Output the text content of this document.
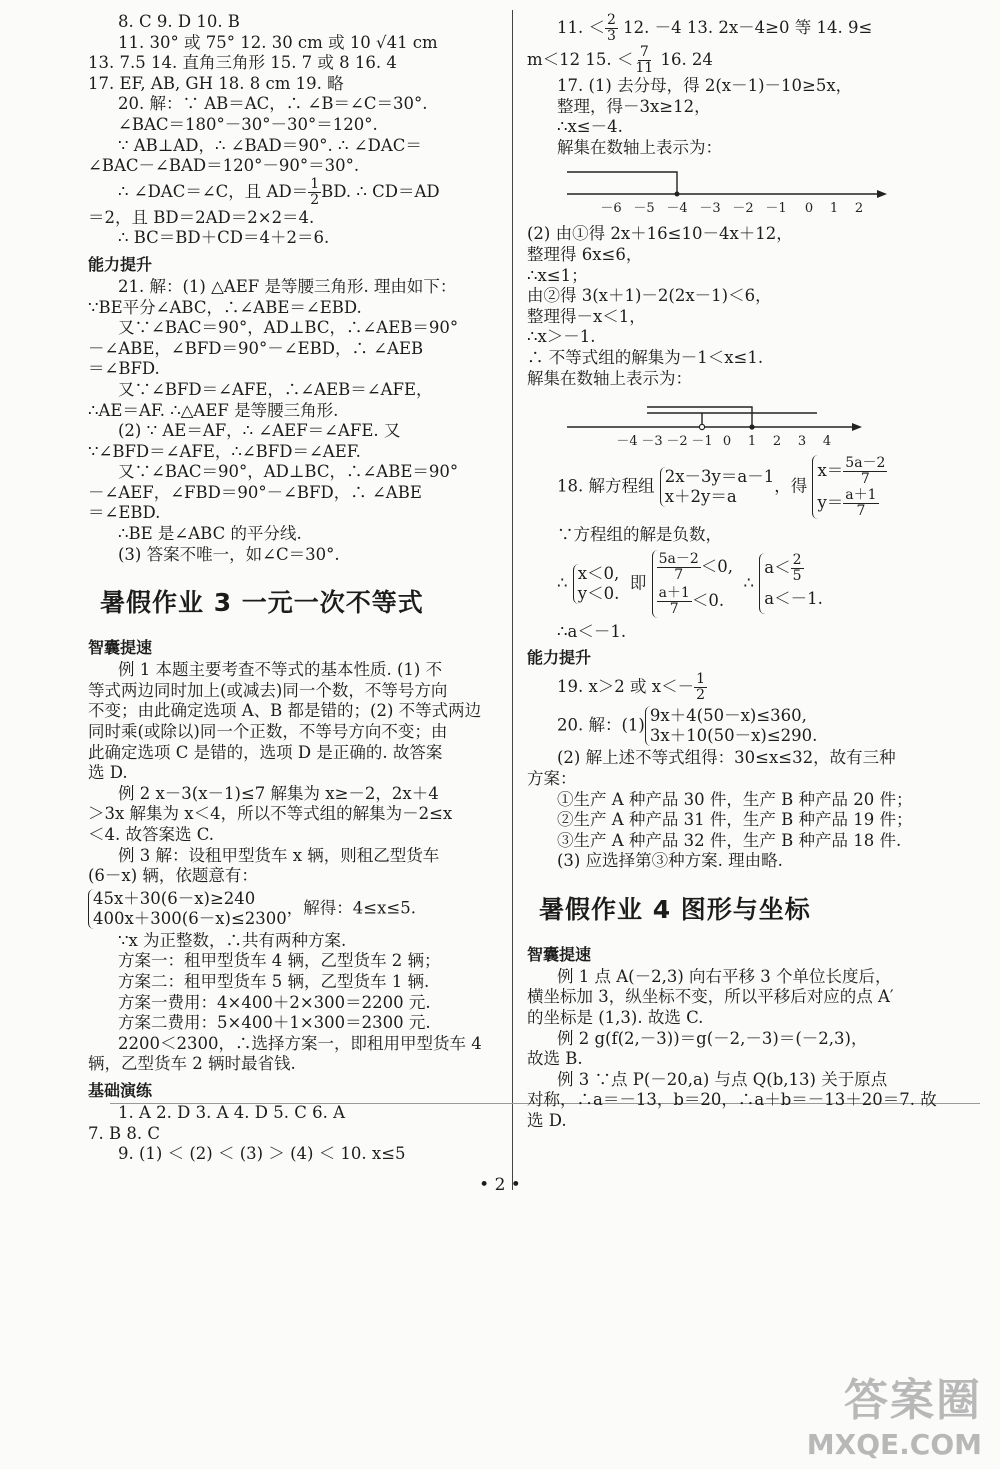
8. C 9. D 10. B
11. 30° 或 75° 12. 30 cm 或 10 √41 cm
13. 7.5 14. 直角三角形 15. 7 或 8 16. 4
17. EF, AB, GH 18. 8 cm 19. 略
20. 解：∵ AB＝AC，∴ ∠B＝∠C＝30°.
∠BAC＝180°－30°－30°＝120°.
∵ AB⊥AD，∴ ∠BAD＝90°. ∴ ∠DAC＝
∠BAC－∠BAD＝120°－90°＝30°.
∴ ∠DAC＝∠C，且 $AD= \frac{1}{2}$ BD. ∴ CD＝AD
＝2，且 BD＝2AD＝2×2＝4.
∴ BC＝BD＋CD＝4＋2＝6.
能力提升
21. 解：(1) △AEF 是等腰三角形. 理由如下：
∵BE平分∠ABC，∴∠ABE＝∠EBD.
又∵∠BAC＝90°，AD⊥BC，∴∠AEB＝90°
－∠ABE，∠BFD＝90°－∠EBD，∴ ∠AEB
＝∠BFD.
又∵∠BFD＝∠AFE，∴∠AEB＝∠AFE，
∴AE＝AF. ∴△AEF 是等腰三角形.
(2) ∵ AE＝AF，∴ ∠AEF＝∠AFE. 又
∵∠BFD＝∠AFE，∴∠BFD＝∠AEF.
又∵∠BAC＝90°，AD⊥BC，∴∠ABE＝90°
－∠AEF，∠FBD＝90°－∠BFD，∴ ∠ABE
＝∠EBD.
∴BE 是∠ABC 的平分线.
(3) 答案不唯一，如∠C＝30°.
暑假作业 3 一元一次不等式
智囊提速
例 1 本题主要考查不等式的基本性质. (1) 不
等式两边同时加上(或减去)同一个数，不等号方向
不变；由此确定选项 A、B 都是错的；(2) 不等式两边
同时乘(或除以)同一个正数，不等号方向不变；由
此确定选项 C 是错的，选项 D 是正确的. 故答案
选 D.
例 2 x－3(x－1)≤7 解集为 x≥－2，2x＋4
＞3x 解集为 x＜4，所以不等式组的解集为－2≤x
＜4. 故答案选 C.
例 3 解：设租甲型货车 x 辆，则租乙型货车
(6－x) 辆，依题意有：
45x＋30(6－x)≥240
400x＋300(6－x)≤2300，解得：4≤x≤5.
∵x 为正整数，∴共有两种方案.
方案一：租甲型货车 4 辆，乙型货车 2 辆；
方案二：租甲型货车 5 辆，乙型货车 1 辆.
方案一费用：4×400＋2×300＝2200 元.
方案二费用：5×400＋1×300＝2300 元.
2200＜2300，∴选择方案一，即租用甲型货车 4
辆，乙型货车 2 辆时最省钱.
基础演练
1. A 2. D 3. A 4. D 5. C 6. A
7. B 8. C
9. (1) ＜ (2) ＜ (3) ＞ (4) ＜ 10. x≤5
11. ＜ $\frac{2}{3} 12$. －4 13. 2x－4≥0 等 14. 9≤
m＜12 15. ＜ $\frac{7}{11} 16$. 24
17. (1) 去分母，得 2(x－1)－10≥5x，
整理，得－3x≥12，
∴x≤－4.
解集在数轴上表示为：
－6 －5 －4 －3 －2 －1 0 1 2
(2) 由①得 2x＋16≤10－4x＋12，
整理得 6x≤6，
∴x≤1；
由②得 3(x＋1)－2(2x－1)＜6，
整理得－x＜1，
∴x＞－1.
∴ 不等式组的解集为－1＜x≤1.
解集在数轴上表示为：
－4 －3 －2 －1 0 1 2 3 4
18. 解方程组 2x－3y＝a－1
x＋2y＝a，得 $x= \frac{5a-2}{7}$

$y= \frac{a+1}{7}$
∵方程组的解是负数，
∴ x＜0,
y＜0.  即 $\frac{5a-2}{7} <0$,

$\frac{a+1}{7} <0$.  ∴ $a< \frac{2}{5}$

a＜－1.
∴a＜－1.
能力提升
19. x＞2 或 $x<- \frac{1}{2}$
20. 解：(1) 9x＋4(50－x)≤360,
3x＋10(50－x)≤290.
(2) 解上述不等式组得：30≤x≤32，故有三种
方案：
①生产 A 种产品 30 件，生产 B 种产品 20 件；
②生产 A 种产品 31 件，生产 B 种产品 19 件；
③生产 A 种产品 32 件，生产 B 种产品 18 件.
(3) 应选择第③种方案. 理由略.
暑假作业 4 图形与坐标
智囊提速
例 1 点 A(－2,3) 向右平移 3 个单位长度后，
横坐标加 3，纵坐标不变，所以平移后对应的点 A′
的坐标是 (1,3). 故选 C.
例 2 g(f(2,－3))＝g(－2,－3)＝(－2,3)，
故选 B.
例 3 ∵点 P(－20,a) 与点 Q(b,13) 关于原点
对称，∴a＝－13，b＝20，∴a＋b＝－13＋20＝7. 故
选 D.
• 2 •
答案圈
MXQE.COM
